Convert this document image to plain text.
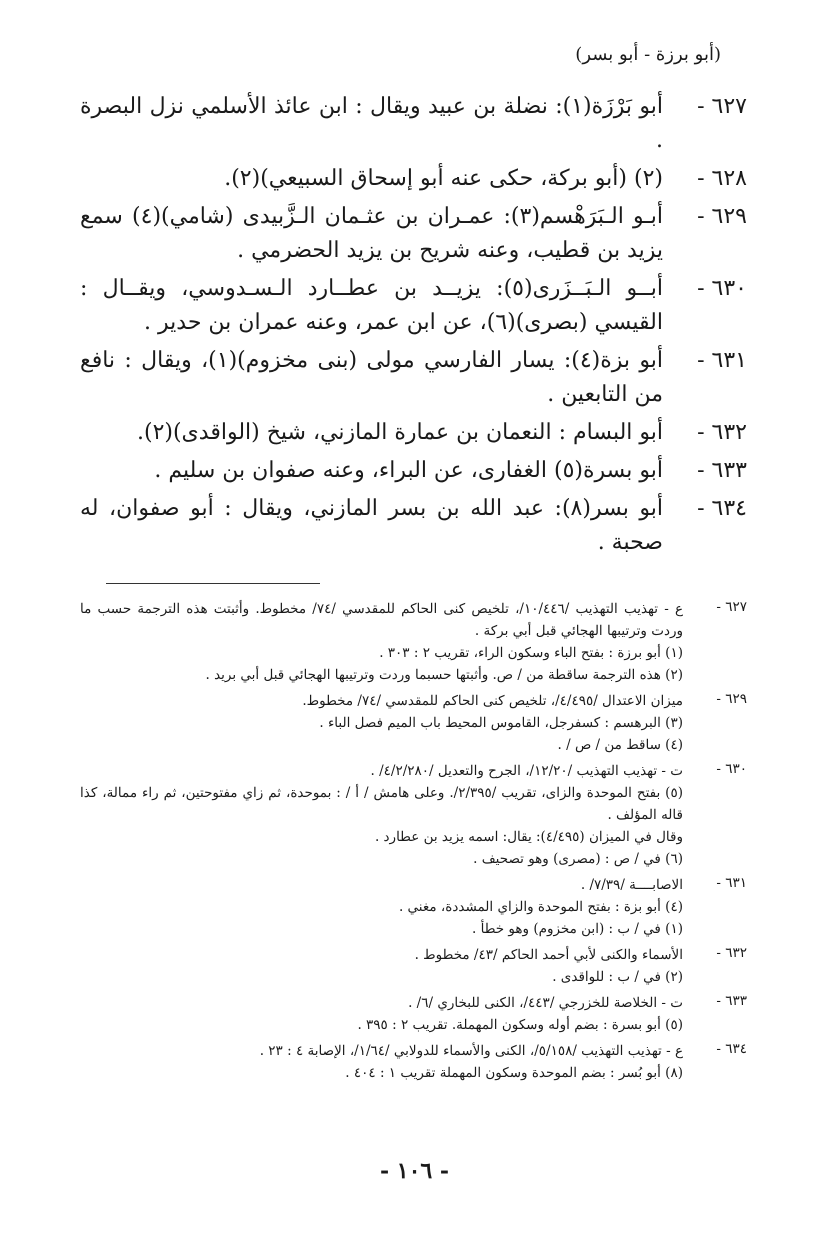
(أبو برزة - أبو بسر)
٦٢٧ -
أبو بَرْزَة(١): نضلة بن عبيد ويقال : ابن عائذ الأسلمي نزل البصرة .
٦٢٨ -
(٢) (أبو بركة، حكى عنه أبو إسحاق السبيعي)(٢).
٦٢٩ -
أبـو الـبَرَهْسم(٣): عمـران بن عثـمان الـزَّبيدى (شامي)(٤) سمع يزيد بن قطيب، وعنه شريح بن يزيد الحضرمي .
٦٣٠ -
أبــو الـبَــزَرى(٥): يزيــد بن عطــارد الـسـدوسي، ويقــال : القيسي (بصرى)(٦)، عن ابن عمر، وعنه عمران بن حدير .
٦٣١ -
أبو بزة(٤): يسار الفارسي مولى (بنى مخزوم)(١)، ويقال : نافع من التابعين .
٦٣٢ -
أبو البسام : النعمان بن عمارة المازني، شيخ (الواقدى)(٢).
٦٣٣ -
أبو بسرة(٥) الغفارى، عن البراء، وعنه صفوان بن سليم .
٦٣٤ -
أبو بسر(٨): عبد الله بن بسر المازني، ويقال : أبو صفوان، له صحبة .
٦٢٧ -
ع - تهذيب التهذيب /١٠/٤٤٦/، تلخيص كنى الحاكم للمقدسي /٧٤/ مخطوط. وأثبتت هذه الترجمة حسب ما وردت وترتيبها الهجائي قبل أبي بركة .
(١) أبو برزة : بفتح الباء وسكون الراء، تقريب ٢ : ٣٠٣ .
(٢) هذه الترجمة ساقطة من / ص. وأثبتها حسبما وردت وترتيبها الهجائي قبل أبي بريد .
٦٢٩ -
ميزان الاعتدال /٤/٤٩٥/، تلخيص كنى الحاكم للمقدسي /٧٤/ مخطوط.
(٣) البرهسم : كسفرجل، القاموس المحيط باب الميم فصل الباء .
(٤) ساقط من / ص / .
٦٣٠ -
ت - تهذيب التهذيب /١٢/٢٠/، الجرح والتعديل /٤/٢/٢٨٠/ .
(٥) بفتح الموحدة والزاى، تقريب /٢/٣٩٥/. وعلى هامش / أ / : بموحدة، ثم زاي مفتوحتين، ثم راء ممالة، كذا قاله المؤلف .
وقال في الميزان (٤/٤٩٥): يقال: اسمه يزيد بن عطارد .
(٦) في / ص : (مصرى) وهو تصحيف .
٦٣١ -
الاصابــــة /٧/٣٩/ .
(٤) أبو بزة : بفتح الموحدة والزاي المشددة، مغني .
(١) في / ب : (ابن مخزوم) وهو خطأ .
٦٣٢ -
الأسماء والكنى لأبي أحمد الحاكم /٤٣/ مخطوط .
(٢) في / ب : للواقدى .
٦٣٣ -
ت - الخلاصة للخزرجي /٤٤٣/، الكنى للبخاري /٦/ .
(٥) أبو بسرة : بضم أوله وسكون المهملة. تقريب ٢ : ٣٩٥ .
٦٣٤ -
ع - تهذيب التهذيب /٥/١٥٨/، الكنى والأسماء للدولابي /١/٦٤/، الإصابة ٤ : ٢٣ .
(٨) أبو بُسر : بضم الموحدة وسكون المهملة تقريب ١ : ٤٠٤ .
- ١٠٦ -
